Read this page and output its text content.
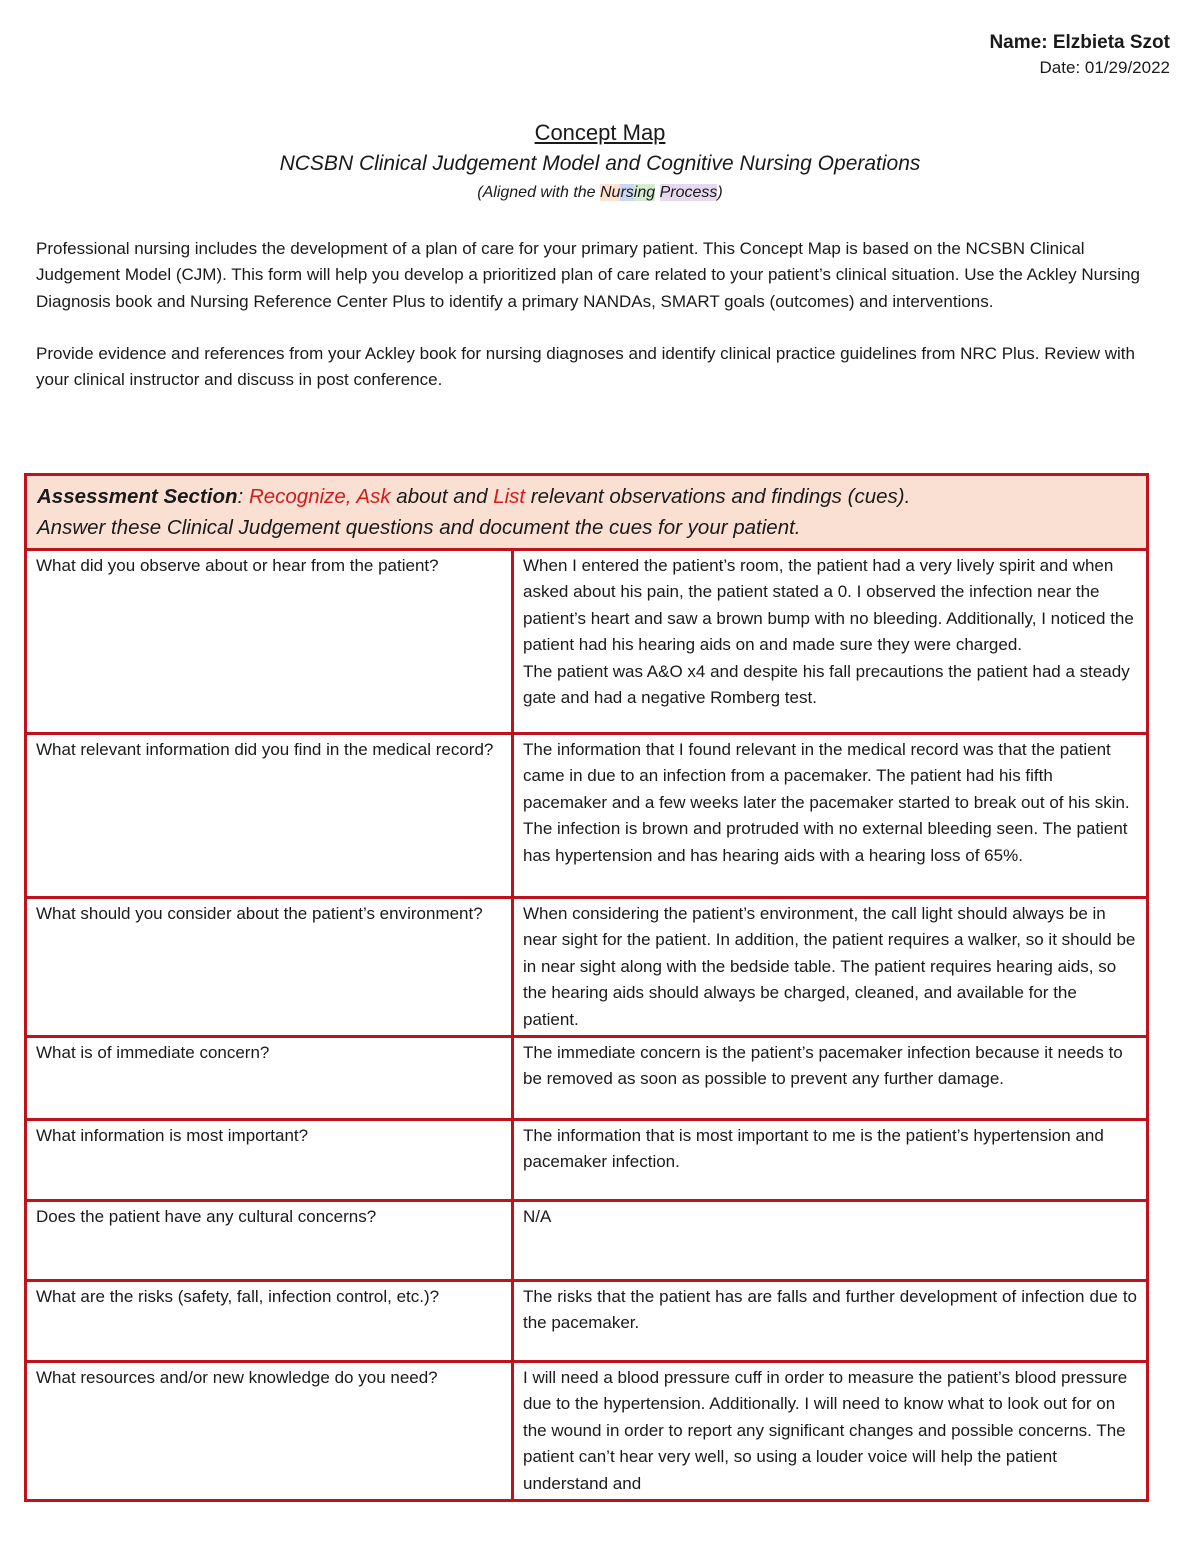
Name: Elzbieta Szot
Date: 01/29/2022
Concept Map
NCSBN Clinical Judgement Model and Cognitive Nursing Operations
(Aligned with the Nursing Process)

Professional nursing includes the development of a plan of care for your primary patient. This Concept Map is based on the NCSBN Clinical Judgement Model (CJM). This form will help you develop a prioritized plan of care related to your patient’s clinical situation. Use the Ackley Nursing Diagnosis book and Nursing Reference Center Plus to identify a primary NANDAs, SMART goals (outcomes) and interventions.

Provide evidence and references from your Ackley book for nursing diagnoses and identify clinical practice guidelines from NRC Plus. Review with your clinical instructor and discuss in post conference.

Assessment Section: Recognize, Ask about and List relevant observations and findings (cues).
Answer these Clinical Judgement questions and document the cues for your patient.	

What did you observe about or hear from the patient?	When I entered the patient’s room, the patient had a very lively spirit and when asked about his pain, the patient stated a 0. I observed the infection near the patient’s heart and saw a brown bump with no bleeding. Additionally, I noticed the patient had his hearing aids on and made sure they were charged.
The patient was A&O x4 and despite his fall precautions the patient had a steady gate and had a negative Romberg test.

What relevant information did you find in the medical record?	The information that I found relevant in the medical record was that the patient came in due to an infection from a pacemaker. The patient had his fifth pacemaker and a few weeks later the pacemaker started to break out of his skin. The infection is brown and protruded with no external bleeding seen. The patient has hypertension and has hearing aids with a hearing loss of 65%.

What should you consider about the patient’s environment?	When considering the patient’s environment, the call light should always be in near sight for the patient. In addition, the patient requires a walker, so it should be in near sight along with the bedside table. The patient requires hearing aids, so the hearing aids should always be charged, cleaned, and available for the patient.

What is of immediate concern?	The immediate concern is the patient’s pacemaker infection because it needs to be removed as soon as possible to prevent any further damage.

What information is most important?	The information that is most important to me is the patient’s hypertension and pacemaker infection.

Does the patient have any cultural concerns?	N/A

What are the risks (safety, fall, infection control, etc.)?	The risks that the patient has are falls and further development of infection due to the pacemaker.

What resources and/or new knowledge do you need?	I will need a blood pressure cuff in order to measure the patient’s blood pressure due to the hypertension. Additionally. I will need to know what to look out for on the wound in order to report any significant changes and possible concerns. The patient can’t hear very well, so using a louder voice will help the patient understand and
